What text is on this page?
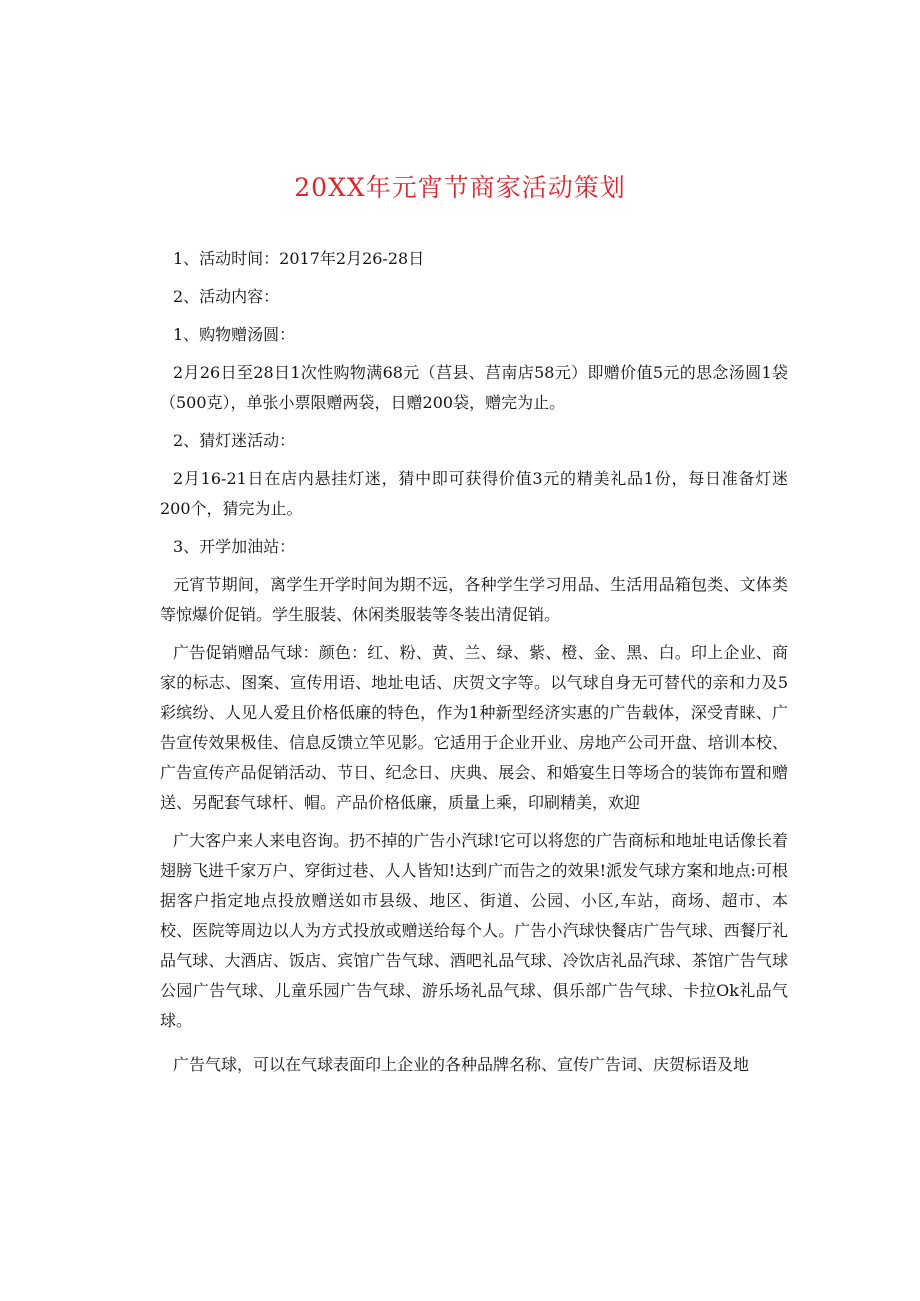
20XX年元宵节商家活动策划

1、活动时间：2017年2月26-28日

2、活动内容：

1、购物赠汤圆：

2月26日至28日1次性购物满68元（莒县、莒南店58元）即赠价值5元的思念汤圆1袋（500克），单张小票限赠两袋，日赠200袋，赠完为止。

2、猜灯迷活动：

2月16-21日在店内悬挂灯迷，猜中即可获得价值3元的精美礼品1份，每日准备灯迷200个，猜完为止。

3、开学加油站：

元宵节期间，离学生开学时间为期不远，各种学生学习用品、生活用品箱包类、文体类等惊爆价促销。学生服装、休闲类服装等冬装出清促销。

广告促销赠品气球：颜色：红、粉、黄、兰、绿、紫、橙、金、黑、白。印上企业、商家的标志、图案、宣传用语、地址电话、庆贺文字等。以气球自身无可替代的亲和力及5彩缤纷、人见人爱且价格低廉的特色，作为1种新型经济实惠的广告载体，深受青睐、广告宣传效果极佳、信息反馈立竿见影。它适用于企业开业、房地产公司开盘、培训本校、广告宣传产品促销活动、节日、纪念日、庆典、展会、和婚宴生日等场合的装饰布置和赠送、另配套气球杆、帽。产品价格低廉，质量上乘，印刷精美，欢迎

广大客户来人来电咨询。扔不掉的广告小汽球!它可以将您的广告商标和地址电话像长着翅膀飞进千家万户、穿街过巷、人人皆知!达到广而告之的效果!派发气球方案和地点:可根据客户指定地点投放赠送如市县级、地区、街道、公园、小区,车站，商场、超市、本校、医院等周边以人为方式投放或赠送给每个人。广告小汽球快餐店广告气球、西餐厅礼品气球、大酒店、饭店、宾馆广告气球、酒吧礼品气球、冷饮店礼品汽球、茶馆广告气球公园广告气球、儿童乐园广告气球、游乐场礼品气球、俱乐部广告气球、卡拉Ok礼品气球。

广告气球，可以在气球表面印上企业的各种品牌名称、宣传广告词、庆贺标语及地
